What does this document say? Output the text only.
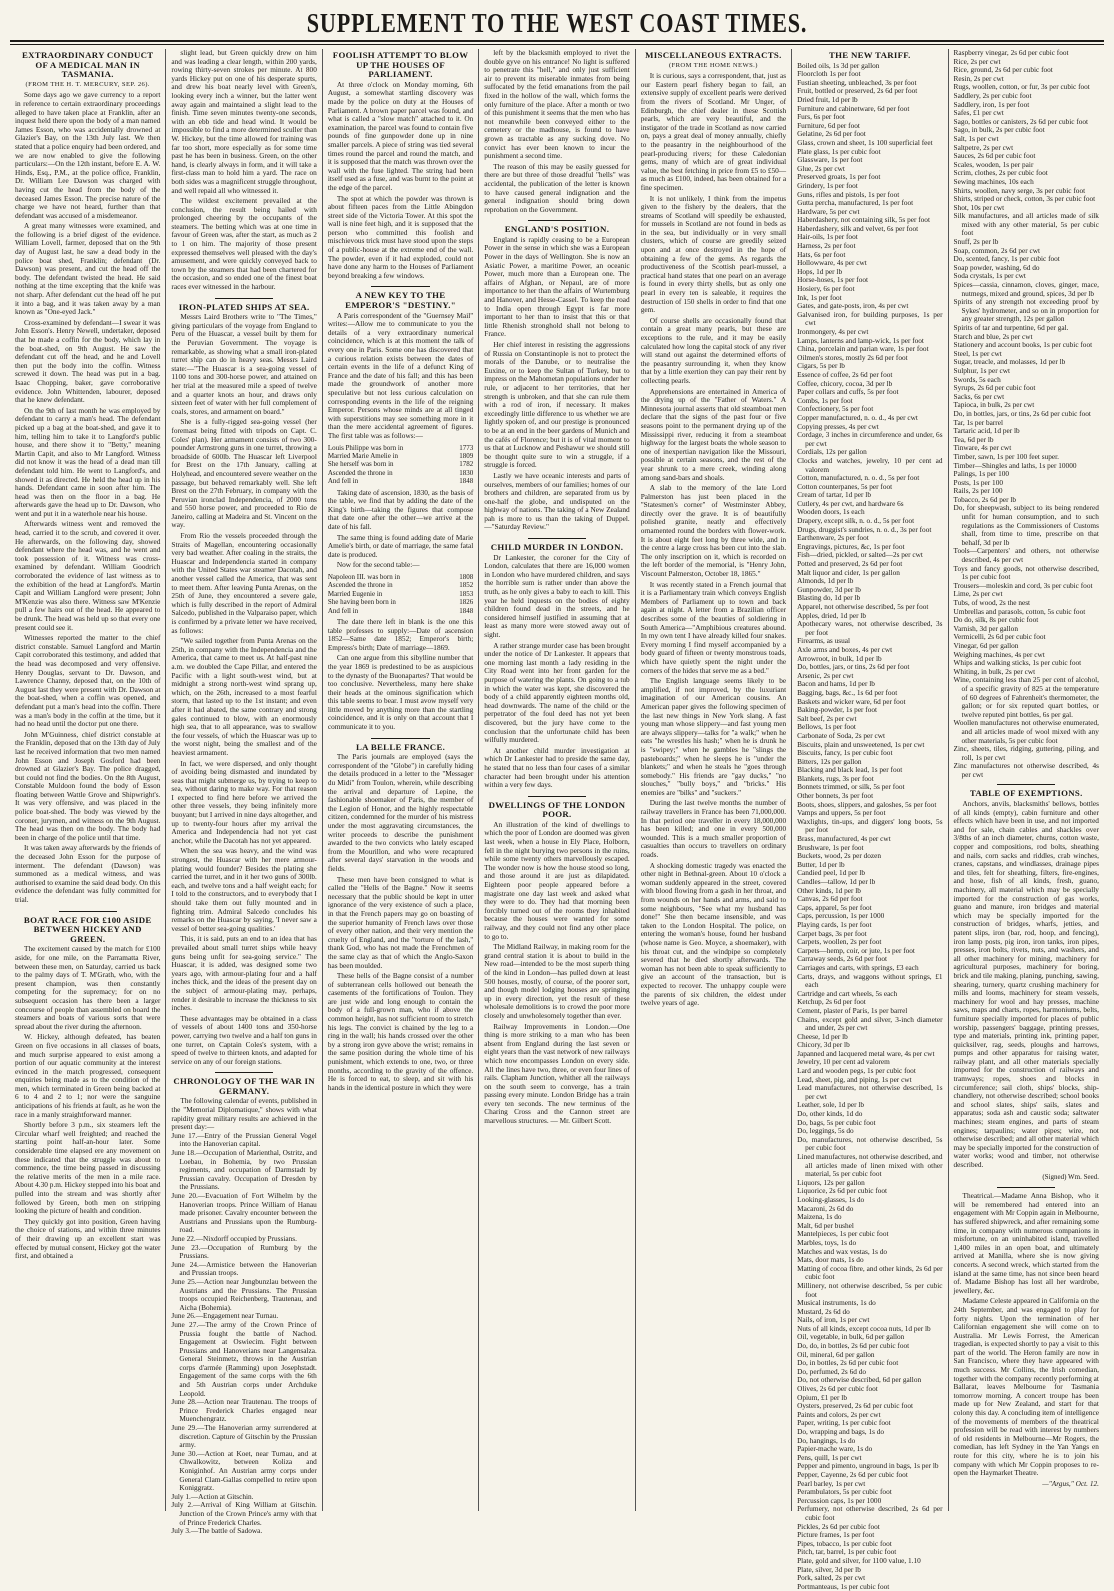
SUPPLEMENT TO THE WEST COAST TIMES.
EXTRAORDINARY CONDUCT OF A MEDICAL MAN IN TASMANIA.
(FROM THE H. T. MERCURY, SEP. 26).

Some days ago we gave currency to a report in reference to certain extraordinary proceedings alleged to have taken place at Franklin, after an inquest held there upon the body of a man named James Esson, who was accidentally drowned at Glazier's Bay, on the 13th July last. We then stated that a police enquiry had been ordered, and we are now enabled to give the following particulars:—On the 12th instant, before E. A. W. Hinds, Esq., P.M., at the police office, Franklin, Dr. William Lee Dawson was charged with having cut the head from the body of the deceased James Esson. The precise nature of the charge we have not heard, further than that defendant was accused of a misdemeanor.

A great many witnesses were examined, and the following is a brief digest of the evidence. William Lovell, farmer, deposed that on the 9th day of August last, he saw a dead body in the police boat shed, Franklin; defendant (Dr. Dawson) was present, and cut the head off the body. The defendant twisted the head. He said nothing at the time excepting that the knife was not sharp. After defendant cut the head off he put it into a bag, and it was taken away by a man known as "One-eyed Jack."

Cross-examined by defendant—I swear it was John Esson's. Henry Newell, undertaker, deposed that he made a coffin for the body, which lay in the boat-shed, on 9th August. He saw the defendant cut off the head, and he and Lovell then put the body into the coffin. Witness screwed it down. The head was put in a bag. Isaac Chopping, baker, gave corroborative evidence. John Whittenden, labourer, deposed that he knew defendant.

On the 9th of last month he was employed by defendant to carry a man's head. The defendant picked up a bag at the boat-shed, and gave it to him, telling him to take it to Langford's public house, and there show it to "Betty," meaning Martin Capit, and also to Mr Langford. Witness did not know it was the head of a dead man till defendant told him. He went to Langford's, and showed it as directed. He held the head up in his hands. Defendant came in soon after him. The head was then on the floor in a bag. He afterwards gave the head up to Dr. Dawson, who went and put it in a waterhole near his house.

Afterwards witness went and removed the head, carried it to the scrub, and covered it over. He afterwards, on the following day, showed defendant where the head was, and he went and took possession of it. Witness was cross-examined by defendant. William Goodrich corroborated the evidence of last witness as to the exhibition of the head at Langford's. Martin Capit and William Langford were present; John M'Kenzie was also there. Witness saw M'Kenzie pull a few hairs out of the head. He appeared to be drunk. The head was held up so that every one present could see it.

Witnesses reported the matter to the chief district constable. Samuel Langford and Martin Capit corroborated this testimony, and added that the head was decomposed and very offensive. Henry Douglas, servant to Dr. Dawson, and Lawrence Channy, deposed that, on the 10th of August last they were present with Dr. Dawson at the boat-shed, when a coffin was opened, and defendant put a man's head into the coffin. There was a man's body in the coffin at the time, but it had no head until the doctor put one there.

John M'Guinness, chief district constable at the Franklin, deposed that on the 13th day of July last he received information that two men named John Esson and Joseph Gosford had been drowned at Glazier's Bay. The police dragged, but could not find the bodies. On the 8th August, Constable Muldoon found the body of Esson floating between Wattle Grove and Shipwright's. It was very offensive, and was placed in the police boat-shed. The body was viewed by the coroner, jurymen, and witness on the 9th August. The head was then on the body. The body had been in charge of the police until that time.

It was taken away afterwards by the friends of the deceased John Esson for the purpose of interment. The defendant (Dawson) was summoned as a medical witness, and was authorised to examine the said dead body. On this evidence the defendant was fully committed for trial.

BOAT RACE FOR £100 ASIDE BETWEEN HICKEY AND GREEN.

The excitement caused by the match for £100 aside, for one mile, on the Parramatta River, between these men, on Saturday, carried us back to the palmy days of T. M'Grath, who, with the present champion, was then constantly competing for the supremacy; for on no subsequent occasion has there been a larger concourse of people than assembled on board the steamers and boats of various sorts that were spread about the river during the afternoon.

W. Hickey, although defeated, has beaten Green on five occasions in all classes of boats, and much surprise appeared to exist among a portion of our aquatic community at the interest evinced in the match progressed, consequent enquiries being made as to the condition of the men, which terminated in Green being backed at 6 to 4 and 2 to 1; nor were the sanguine anticipations of his friends at fault, as he won the race in a manly straightforward manner.

Shortly before 3 p.m., six steamers left the Circular wharf well freighted; and reached the starting point half-an-hour later. Some considerable time elapsed ere any movement on these indicated that the struggle was about to commence, the time being passed in discussing the relative merits of the men in a mile race. About 4.30 p.m. Hickey stepped into his boat and pulled into the stream and was shortly after followed by Green, both men on stripping looking the picture of health and condition.

They quickly got into position, Green having the choice of stations, and within three minutes of their drawing up an excellent start was effected by mutual consent, Hickey got the water first, and obtained a

slight lead, but Green quickly drew on him and was leading a clear length, within 200 yards, rowing thirty-seven strokes per minute. At 800 yards Hickey put on one of his desperate spurts, and drew his boat nearly level with Green's, looking every inch a winner, but the latter went away again and maintained a slight lead to the finish. Time seven minutes twenty-one seconds, with an ebb tide and head wind. It would be impossible to find a more determined sculler than W. Hickey, but the time allowed for training was far too short, more especially as for some time past he has been in business. Green, on the other hand, is clearly always in form, and it will take a first-class man to hold him a yard. The race on both sides was a magnificent struggle throughout, and well repaid all who witnessed it.

The wildest excitement prevailed at the conclusion, the result being hailed with prolonged cheering by the occupants of the steamers. The betting which was at one time in favour of Green was, after the start, as much as 2 to 1 on him. The majority of those present expressed themselves well pleased with the day's amusement, and were quickly conveyed back to town by the steamers that had been chartered for the occasion, and so ended one of the finest boat races ever witnessed in the harbour.

IRON-PLATED SHIPS AT SEA.

Messrs Laird Brothers write to "The Times," giving particulars of the voyage from England to Peru of the Huascar, a vessel built by them for the Peruvian Government. The voyage is remarkable, as showing what a small iron-plated turret ship can do in heavy seas. Messrs Laird state:—"The Huascar is a sea-going vessel of 1100 tons and 300-horse power, and attained on her trial at the measured mile a speed of twelve and a quarter knots an hour, and draws only sixteen feet of water with her full complement of coals, stores, and armament on board."

She is a fully-rigged sea-going vessel (her foremast being fitted with tripods on Capt. C. Coles' plan). Her armament consists of two 300-pounder Armstrong guns in one turret, throwing a broadside of 600lb. The Huascar left Liverpool for Brest on the 17th January, calling at Holyhead, and encountered severe weather on the passage, but behaved remarkably well. She left Brest on the 27th February, in company with the Peruvian ironclad Independencia, of 2000 tons and 550 horse power, and proceeded to Rio de Janeiro, calling at Madeira and St. Vincent on the way.

From Rio the vessels proceeded through the Straits of Magellan, encountering occasionally very bad weather. After coaling in the straits, the Huascar and Independencia started in company with the United States war steamer Dacotah, and another vessel called the America, that was sent to meet them. After leaving Punta Arenas, on the 25th of June, they encountered a severe gale, which is fully described in the report of Admiral Salcedo, published in the Valparaiso paper, which is confirmed by a private letter we have received, as follows:

"We sailed together from Punta Arenas on the 25th, in company with the Independencia and the America, that came to meet us. At half-past nine a.m. we doubled the Cape Pillar, and entered the Pacific with a light south-west wind, but at midnight a strong north-west wind sprang up, which, on the 26th, increased to a most fearful storm, that lasted up to the 1st instant; and even after it had abated, the same contrary and strong gales continued to blow, with an enormously high sea, that to all appearance, was to swallow the four vessels, of which the Huascar was up to the worst night, being the smallest and of the heaviest armament.

In fact, we were dispersed, and only thought of avoiding being dismasted and inundated by seas that might submerge us, by trying to keep to sea, without daring to make way. For that reason I expected to find here before we arrived the other three vessels, they being infinitely more buoyant; but I arrived in nine days altogether, and up to twenty-four hours after my arrival the America and Independencia had not yet cast anchor, while the Dacotah has not yet appeared.

When the sea was heavy, and the wind was strongest, the Huascar with her mere armour-plating would founder? Besides the plating she carried the turret, and in it her two guns of 300lb. each, and twelve tons and a half weight each; for I told to the constructors, and to everybody that I should take them out fully mounted and in fighting trim. Admiral Salcedo concludes his remarks on the Huascar by saying, 'I never saw a vessel of better sea-going qualities.'

This, it is said, puts an end to an idea that has prevailed about small turret ships while heavy guns being unfit for sea-going service." The Huascar, it is added, was designed some two years ago, with armour-plating four and a half inches thick, and the ideas of the present day on the subject of armour-plating may, perhaps, render it desirable to increase the thickness to six inches.

These advantages may be obtained in a class of vessels of about 1400 tons and 350-horse power, carrying two twelve and a half ton guns in one turret, on Captain Coles's system, with a speed of twelve to thirteen knots, and adapted for service on any of our foreign stations.

CHRONOLOGY OF THE WAR IN GERMANY.

The following calendar of events, published in the "Memorial Diplomatique," shows with what rapidity great military results are achieved in the present day:—

June 17.—Entry of the Prussian General Vogel into the Hanoverian capital.

June 18.—Occupation of Marienthal, Ostritz, and Loebau, in Bohemia, by two Prussian regiments, and occupation of Darmstadt by Prussian cavalry. Occupation of Dresden by the Prussians.

June 20.—Evacuation of Fort Wilhelm by the Hanoverian troops. Prince William of Hanau made prisoner. Cavalry encounter between the Austrians and Prussians upon the Rumburg-road.

June 22.—Nixdorff occupied by Prussians.

June 23.—Occupation of Rumburg by the Prussians.

June 24.—Armistice between the Hanoverian and Prussian troops.

June 25.—Action near Jungbunzlau between the Austrians and the Prussians. The Prussian troops occupied Reichenberg, Trautenau, and Aicha (Bohemia).

June 26.—Engagement near Turnau.

June 27.—The army of the Crown Prince of Prussia fought the battle of Nachod. Engagement at Oswiecim. Fight between Prussians and Hanoverians near Langensalza. General Steinmetz, throws in the Austrian corps d'armée (Ramming) upon Josephstadt. Engagement of the same corps with the 6th and 5th Austrian corps under Archduke Leopold.

June 28.—Action near Trautenau. The troops of Prince Frederick Charles engaged near Muenchengratz.

June 29.—The Hanoverian army surrendered at discretion. Capture of Gitschin by the Prussian army.

June 30.—Action at Koet, near Turnau, and at Chwalkowitz, between Koliza and Koniginhof. An Austrian army corps under General Clam-Gallas compelled to retire upon Koniggratz.

July 1.—Action at Gitschin.

July 2.—Arrival of King William at Gitschin. Junction of the Crown Prince's army with that of Prince Frederick Charles.

July 3.—The battle of Sadowa.

FOOLISH ATTEMPT TO BLOW UP THE HOUSES OF PARLIAMENT.

At three o'clock on Monday morning, 6th August, a somewhat startling discovery was made by the police on duty at the Houses of Parliament. A brown paper parcel was found, and what is called a "slow match" attached to it. On examination, the parcel was found to contain five pounds of fine gunpowder done up in nine smaller parcels. A piece of string was tied several times round the parcel and round the match, and it is supposed that the match was thrown over the wall with the fuse lighted. The string had been itself used as a fuse, and was burnt to the point at the edge of the parcel.

The spot at which the powder was thrown is about fifteen paces from the Little Abingdon street side of the Victoria Tower. At this spot the wall is nine feet high, and it is supposed that the person who committed this foolish and mischievous trick must have stood upon the steps of a public-house at the extreme end of the wall. The powder, even if it had exploded, could not have done any harm to the Houses of Parliament beyond breaking a few windows.

A NEW KEY TO THE EMPEROR'S "DESTINY."

A Paris correspondent of the "Guernsey Mail" writes:—Allow me to communicate to you the details of a very extraordinary numerical coincidence, which is at this moment the talk of every one in Paris. Some one has discovered that a curious relation exists between the dates of certain events in the life of a defunct King of France and the date of his fall; and this has been made the groundwork of another more speculative but not less curious calculation on corresponding events in the life of the reigning Emperor. Persons whose minds are at all tinged with superstitions may see something more in it than the mere accidental agreement of figures. The first table was as follows:—

Louis Philippe was born in	1773
Married Marie Amelie in	1809
She herself was born in	1782
Ascended the throne in	1830
And fell in	1848

Taking date of ascension, 1830, as the basis of the table, we find that by adding the date of the King's birth—taking the figures that compose that date one after the other—we arrive at the date of his fall.

The same thing is found adding date of Marie Amelie's birth, or date of marriage, the same fatal date is produced.

Now for the second table:—

Napoleon III. was born in	1808
Ascended the throne in	1852
Married Eugenie in	1853
She having been born in	1826
And fell in	1848

The date there left in blank is the one this table professes to supply:—Date of ascension 1852—Same date 1852; Emperor's birth; Empress's birth; Date of marriage—1869.

Can one argue from this sibylline number that the year 1869 is predestined to be as auspicious to the dynasty of the Buonapartes? That would be too conclusive. Nevertheless, many here shake their heads at the ominous signification which this table seems to bear. I must avow myself very little moved by anything more than the startling coincidence, and it is only on that account that I communicate it to you.

LA BELLE FRANCE.

The Paris journals are employed (says the correspondent of the "Globe") in carefully hiding the details produced in a letter to the "Messager du Midi" from Toulon, wherein, while describing the arrival and departure of Lepine, the fashionable shoemaker of Paris, the member of the Legion of Honor, and the highly respectable citizen, condemned for the murder of his mistress under the most aggravating circumstances, the writer proceeds to describe the punishment awarded to the two convicts who lately escaped from the Mourillon, and who were recaptured after several days' starvation in the woods and fields.

These men have been consigned to what is called the "Hells of the Bagne." Now it seems necessary that the public should be kept in utter ignorance of the very existence of such a place, in that the French papers may go on boasting of the superior humanity of French laws over those of every other nation, and their very mention the cruelty of England, and the "torture of the lash," thank God, who has not made the Frenchmen of the same clay as that of which the Anglo-Saxon has been moulded.

These hells of the Bagne consist of a number of subterranean cells hollowed out beneath the casements of the fortifications of Toulon. They are just wide and long enough to contain the body of a full-grown man, who if above the common height, has not sufficient room to stretch his legs. The convict is chained by the leg to a ring in the wall; his hands crossed over the other by a strong iron gyve above the wrist; remains in the same position during the whole time of his punishment, which extends to one, two, or three months, according to the gravity of the offence. He is forced to eat, to sleep, and sit with his hands in the identical posture in which they were

left by the blacksmith employed to rivet the double gyve on his entrance! No light is suffered to penetrate this "hell," and only just sufficient air to prevent its miserable inmates from being suffocated by the fetid emanations from the pail fixed in the hollow of the wall, which forms the only furniture of the place. After a month or two of this punishment it seems that the men who has not meanwhile been conveyed either to the cemetery or the madhouse, is found to have grown as tractable as any sucking dove. No convict has ever been known to incur the punishment a second time.

The reason of this may be easily guessed for there are but three of those dreadful "hells" was accidental, the publication of the letter is known to have caused general indignation and the general indignation should bring down reprobation on the Government.

ENGLAND'S POSITION.

England is rapidly ceasing to be a European Power in the sense in which she was a European Power in the days of Wellington. She is now an Asiatic Power, a maritime Power, an oceanic Power, much more than a European one. The affairs of Afghan, or Nepaul, are of more importance to her than the affairs of Wurtemburg and Hanover, and Hesse-Cassel. To keep the road to India open through Egypt is far more important to her than to insist that this or that little Rhenish stronghold shall not belong to France.

Her chief interest in resisting the aggressions of Russia on Constantinople is not to protect the morals of the Danube, or to neutralise the Euxine, or to keep the Sultan of Turkey, but to impress on the Mahometan populations under her rule, or adjacent to her territories, that her strength is unbroken, and that she can rule them with a rod of iron, if necessary. It makes exceedingly little difference to us whether we are lightly spoken of, and our prestige is pronounced to be at an end in the beer gardens of Munich and the cafés of Florence; but it is of vital moment to us that at Lucknow and Peshawur we should still be thought quite sure to win a struggle, if a struggle is forced.

Lastly we have oceanic interests and parts of ourselves, members of our families; homes of our brothers and children, are separated from us by one-half the globe, and undisputed on the highway of nations. The taking of a New Zealand pah is more to us than the taking of Duppel.—"Saturday Review."

CHILD MURDER IN LONDON.

Dr Lankester, the coroner for the City of London, calculates that there are 16,000 women in London who have murdered children, and says the horrible sum is rather under than above the truth, as he only gives a baby to each to kill. This year he held inquests on the bodies of eighty children found dead in the streets, and he considered himself justified in assuming that at least as many more were stowed away out of sight.

A rather strange murder case has been brought under the notice of Dr Lankester. It appears that one morning last month a lady residing in the City Road went into her front garden for the purpose of watering the plants. On going to a tub in which the water was kept, she discovered the body of a child apparently eighteen months old, head downwards. The name of the child or the perpetrator of the foul deed has not yet been discovered, but the jury have come to the conclusion that the unfortunate child has been wilfully murdered.

At another child murder investigation at which Dr Lankester had to preside the same day, he stated that no less than four cases of a similar character had been brought under his attention within a very few days.

DWELLINGS OF THE LONDON POOR.

An illustration of the kind of dwellings to which the poor of London are doomed was given last week, when a house in Ely Place, Holborn, fell in the night burying two persons in the ruins, while some twenty others marvellously escaped. The wonder now is how the house stood so long, and those around it are just as dilapidated. Eighteen poor people appeared before a magistrate one day last week and asked what they were to do. They had that morning been forcibly turned out of the rooms they inhabited because the houses were wanted for some railway, and they could not find any other place to go to.

The Midland Railway, in making room for the grand central station it is about to build in the New road—intended to be the most superb thing of the kind in London—has pulled down at least 500 houses, mostly, of course, of the poorer sort, and though model lodging houses are springing up in every direction, yet the result of these wholesale demolitions is to crowd the poor more closely and unwholesomely together than ever.

Railway Improvements in London.—One thing is more striking to a man who has been absent from England during the last seven or eight years than the vast network of new railways which now encompasses London on every side. All the lines have two, three, or even four lines of rails. Clapham Junction, whither all the railways on the south seem to converge, has a train passing every minute. London Bridge has a train every ten seconds. The new terminus of the Charing Cross and the Cannon street are marvellous structures. — Mr. Gilbert Scott.

MISCELLANEOUS EXTRACTS.
(FROM THE HOME NEWS.)

It is curious, says a correspondent, that, just as our Eastern pearl fishery began to fail, an extensive supply of excellent pearls were derived from the rivers of Scotland. Mr Unger, of Edinburgh, the chief dealer in these Scottish pearls, which are very beautiful, and the instigator of the trade in Scotland as now carried on, pays a great deal of money annually, chiefly to the peasantry in the neighbourhood of the pearl-producing rivers; for these Caledonian gems, many of which are of great individual value, the best fetching in price from £5 to £50—as much as £100, indeed, has been obtained for a fine specimen.

It is not unlikely, I think from the impetus given to the fishery by the dealers, that the streams of Scotland will speedily be exhausted, for mussels in Scotland are not found in beds as in the sea, but individually or in very small clusters, which of course are greedily seized upon and at once destroyed in the hope of obtaining a few of the gems. As regards the productiveness of the Scottish pearl-mussel, a practical hand states that one pearl on an average is found in every thirty shells, but as only one pearl in every ten is saleable, it requires the destruction of 150 shells in order to find that one gem.

Of course shells are occasionally found that contain a great many pearls, but these are exceptions to the rule, and it may be easily calculated how long the capital stock of any river will stand out against the determined efforts of the peasantry surrounding it, when they know that by a little exertion they can pay their rent by collecting pearls.

Apprehensions are entertained in America of the drying up of the "Father of Waters." A Minnesota journal asserts that old steamboat men declare that the signs of the past four or five seasons point to the permanent drying up of the Mississippi river, reducing it from a steamboat highway for the largest boats the whole season to one of inexpertian navigation like the Missouri, possible at certain seasons, and the rest of the year shrunk to a mere creek, winding along among sand-bars and shoals.

A slab to the memory of the late Lord Palmerston has just been placed in the "Statesmen's corner" of Westminster Abbey, directly over the grave. It is of beautifully polished granite, neatly and effectively ornamented round the borders with flower-work. It is about eight feet long by three wide, and in the centre a large cross has been cut into the slab. The only inscription on it, which is recorded on the left border of the memorial, is "Henry John, Viscount Palmerston, October 18, 1865."

It was recently stated in a French journal that it is a Parliamentary train which conveys English Members of Parliament up to town and back again at night. A letter from a Brazilian officer describes some of the beauties of soldiering in South America—"Amphibious creatures abound. In my own tent I have already killed four snakes. Every morning I find myself accompanied by a body guard of fifteen or twenty monstrous toads, which have quietly spent the night under the corners of the hides that serve me as a bed."

The English language seems likely to be amplified, if not improved, by the luxuriant imagination of our American cousins. An American paper gives the following specimen of the last new things in New York slang. A fast young man whose slippery—and fast young men are always slippery—talks for "a walk;" when he eats "he wrestles his hash;" when he is drunk he is "swipey;" when he gambles he "slings the pasteboards;" when he sleeps he is "under the blankets;" and when he steals he "goes through somebody." His friends are "gay ducks," "no slouches," "bully boys," and "bricks." His enemies are "bilks" and "suckers."

During the last twelve months the number of railway travellers in France has been 71,000,000. In that period one traveller in every 18,000,000 has been killed; and one in every 500,000 wounded. This is a much smaller proportion of casualties than occurs to travellers on ordinary roads.

A shocking domestic tragedy was enacted the other night in Bethnal-green. About 10 o'clock a woman suddenly appeared in the street, covered with blood flowing from a gash in her throat, and from wounds on her hands and arms, and said to some neighbours, "See what my husband has done!" She then became insensible, and was taken to the London Hospital. The police, on entering the woman's house, found her husband (whose name is Geo. Moyce, a shoemaker), with his throat cut, and the windpipe so completely severed that he died shortly afterwards. The woman has not been able to speak sufficiently to give an account of the transaction, but is expected to recover. The unhappy couple were the parents of six children, the eldest under twelve years of age.

THE NEW TARIFF.

Boiled oils, 1s 3d per gallon

Floorcloth 1s per foot

Fustian sheeting, unbleached, 3s per foot

Fruit, bottled or preserved, 2s 6d per foot

Dried fruit, 1d per lb

Furniture and cabinetware, 6d per foot

Furs, 6s per foot

Furniture, 6d per foot

Gelatine, 2s 6d per foot

Glass, crown and sheet, 1s 100 superficial feet

Plate glass, 1s per cubic foot

Glassware, 1s per foot

Glue, 2s per cwt

Preserved groats, 1s per foot

Grindery, 1s per foot

Guns, rifles and pistols, 1s per foot

Gutta percha, manufactured, 1s per foot

Hardware, 5s per cwt

Haberdashery, not containing silk, 5s per foot

Haberdashery, silk and velvet, 6s per foot

Hair-oils, 1s per foot

Harness, 2s per foot

Hats, 6s per foot

Hollowware, 4s per cwt

Hops, 1d per lb

Horse-hoses, 1s per foot

Hosiery, 6s per foot

Ink, 1s per foot

Gates, and gate-posts, iron, 4s per cwt

Galvanised iron, for building purposes, 1s per cwt

Ironmongery, 4s per cwt

Lamps, lanterns and lamp-wick, 1s per foot

China, porcelain and parian ware, 1s per foot

Oilmen's stores, mostly 2s 6d per foot

Cigars, 5s per lb

Essence of coffee, 2s 6d per foot

Coffee, chicory, cocoa, 3d per lb

Paper collars and cuffs, 5s per foot

Combs, 1s per foot

Confectionery, 5s per foot

Copper manufactured, n. o. d., 4s per cwt

Copying presses, 4s per cwt

Cordage, 3 inches in circumference and under, 6s per cwt

Cordials, 12s per gallon

Clocks and watches, jewelry, 10 per cent ad valorem

Cotton, manufactured, n. o. d., 5s per foot

Cotton counterpanes, 5s per foot

Cream of tartar, 1d per lb

Cutlery, 4s per cwt, and hardware 6s

Wooden doors, 1s each

Drapery, except silk, n. o. d., 5s per foot

Drugs, druggist's sundries, n. o. d., 3s per foot

Earthenware, 2s per foot

Engravings, pictures, &c, 1s per foot

Fish—dried, pickled, or salted—2s per cwt

Potted and preserved, 2s 6d per foot

Malt liquor and cider, 1s per gallon

Almonds, 1d per lb

Gunpowder, 3d per lb

Blasting do, 1d per lb

Apparel, not otherwise described, 5s per foot

Apples, dried, 1d per lb

Apothecary wares, not otherwise described, 3s per foot

Firearms, as usual

Axle arms and boxes, 4s per cwt

Arrowroot, in bulk, 1d per lb

Do, bottles, jars, or tins, 2s 6d per foot

Arsenic, 2s per cwt

Bacon and hams, 1d per lb

Bagging, bags, &c., 1s 6d per foot

Baskets and wicker ware, 6d per foot

Baking-powder, 1s per foot

Salt beef, 2s per cwt

Bellows, 1s per foot

Carbonate of Soda, 2s per cwt

Biscuits, plain and unsweetened, 1s per cwt

Biscuits, fancy, 1s per cubic foot

Bitters, 12s per gallon

Blacking and black lead, 1s per foot

Blankets, rugs, 3s per foot

Bonnets trimmed, or silk, 5s per foot

Other bonnets, 3s per foot

Boots, shoes, slippers, and galoshes, 5s per foot

Vamps and uppers, 5s per foot

Waxlights, tin-ups, and diggers' long boots, 5s per foot

Brass, manufactured, 4s per cwt

Brushware, 1s per foot

Buckets, wood, 2s per dozen

Butter, 1d per lb

Candied peel, 1d per lb

Candles—tallow, 1d per lb

Other kinds, 1d per lb

Canvas, 2s 6d per foot

Caps, apparel, 5s per foot

Caps, percussion, 1s per 1000

Playing cards, 1s per foot

Carpet bags, 3s per foot

Carpets, woollen, 2s per foot

Carpets—hemp, coir, or jute, 1s per foot

Carraway seeds, 2s 6d per foot

Carriages and carts, with springs, £3 each

Carts, drays, and waggons without springs, £1 each

Cartridge and cart wheels, 5s each

Ketchup, 2s 6d per foot

Cement, plaster of Paris, 1s per barrel

Chains, except gold and silver, 3-inch diameter and under, 2s per cwt

Cheese, 1d per lb

Chicory, 3d per lb

Japanned and lacquered metal ware, 4s per cwt

Jewelry, 10 per cent ad valorem

Lard and wooden pegs, 1s per cubic foot

Lead, sheet, pig, and piping, 1s per cwt

Lead manufactures, not otherwise described, 1s per cwt

Leather, sole, 1d per lb

Do, other kinds, 1d do

Do, bags, 5s per cubic foot

Do, leggings, 5s do

Do, manufactures, not otherwise described, 5s per cubic foot

Lined manufactures, not otherwise described, and all articles made of linen mixed with other material, 5s per cubic foot

Liquors, 12s per gallon

Liquorice, 2s 6d per cubic foot

Looking-glasses, 1s do

Macaroni, 2s 6d do

Maizena, 1s do

Malt, 6d per bushel

Mantelpieces, 1s per cubic foot

Marbles, toys, 1s do

Matches and wax vestas, 1s do

Mats, door mats, 1s do

Matting of cocoa fibre, and other kinds, 2s 6d per cubic foot

Millinery, not otherwise described, 5s per cubic foot

Musical instruments, 1s do

Mustard, 2s 6d do

Nails, of iron, 1s per cwt

Nuts of all kinds, except cocoa nuts, 1d per lb

Oil, vegetable, in bulk, 6d per gallon

Do, do, in bottles, 2s 6d per cubic foot

Oil, mineral, 6d per gallon

Do, in bottles, 2s 6d per cubic foot

Do, perfumed, 2s 6d do

Do, not otherwise described, 6d per gallon

Olives, 2s 6d per cubic foot

Opium, £1 per lb

Oysters, preserved, 2s 6d per cubic foot

Paints and colors, 2s per cwt

Paper, writing, 1s per cubic foot

Do, wrapping and bags, 1s do

Do, hangings, 1s do

Papier-mache ware, 1s do

Pens, quill, 1s per cwt

Pepper and pimento, unground in bags, 1s per lb

Pepper, Cayenne, 2s 6d per cubic foot

Pearl barley, 1s per cwt

Perambulators, 5s per cubic foot

Percussion caps, 1s per 1000

Perfumery, not otherwise described, 2s 6d per cubic foot

Pickles, 2s 6d per cubic foot

Picture frames, 1s per foot

Pipes, tobacco, 1s per cubic foot

Pitch, tar, barrel, 1s per cubic foot

Plate, gold and silver, for 1100 value, 1.10

Plate, silver, 3d per lb

Pork, salted, 2s per cwt

Portmanteaus, 1s per cubic foot

Raspberry vinegar, 2s 6d per cubic foot

Rice, 2s per cwt

Rice, ground, 2s 6d per cubic foot

Resin, 2s per cwt

Rugs, woollen, cotton, or fur, 3s per cubic foot

Saddlery, 2s per cubic foot

Saddlery, iron, 1s per foot

Safes, £1 per cwt

Sago, bottles or canisters, 2s 6d per cubic foot

Sago, in bulk, 2s per cubic foot

Salt, 1s per cwt

Saltpetre, 2s per cwt

Sauces, 2s 6d per cubic foot

Scales, wooden, 1s per pair

Scrim, clothes, 2s per cubic foot

Sewing machines, 10s each

Shirts, woollen, navy serge, 3s per cubic foot

Shirts, striped or check, cotton, 3s per cubic foot

Shot, 10s per cwt

Silk manufactures, and all articles made of silk mixed with any other material, 5s per cubic foot

Snuff, 2s per lb

Soap, common, 2s 6d per cwt

Do, scented, fancy, 1s per cubic foot

Soap powder, washing, 6d do

Soda crystals, 1s per cwt

Spices—cassia, cinnamon, cloves, ginger, mace, nutmegs, mixed and ground, spices, 3d per lb

Spirits of any strength not exceeding proof by Sykes' hydrometer, and so on in proportion for any greater strength, 12s per gallon

Spirits of tar and turpentine, 6d per gal.

Starch and blue, 2s per cwt

Stationery and account books, 1s per cubic foot

Steel, 1s per cwt

Sugar, treacle, and molasses, 1d per lb

Sulphur, 1s per cwt

Swords, 5s each

Syrups, 2s 6d per cubic foot

Sacks, 6s per cwt

Tapioca, in bulk, 2s per cwt

Do, in bottles, jars, or tins, 2s 6d per cubic foot

Tar, 1s per barrel

Tartaric acid, 1d per lb

Tea, 6d per lb

Tinware, 4s per cwt

Timber, sawn, 1s per 100 feet super.

Timber—Shingles and laths, 1s per 10000

Palings, 1s per 100

Posts, 1s per 100

Rails, 2s per 100

Tobacco, 2s 6d per lb

Do, for sheepwash, subject to its being rendered unfit for human consumption, and to such regulations as the Commissioners of Customs shall, from time to time, prescribe on that behalf, 3d per lb

Tools—Carpenters' and others, not otherwise described, 4s per cwt

Toys and fancy goods, not otherwise described, 1s per cubic foot

Trousers—moleskin and cord, 3s per cubic foot

Lime, 2s per cwt

Tubs, of wood, 2s the nest

Umbrellas and parasols, cotton, 5s cubic foot

Do do, silk, 8s per cubic foot

Varnish, 3d per gallon

Vermicelli, 2s 6d per cubic foot

Vinegar, 6d per gallon

Weighing machines, 4s per cwt

Whips and walking sticks, 1s per cubic foot

Whiting, in bulk, 2s per cwt

Wine, containing less than 25 per cent of alcohol, of a specific gravity of 825 at the temperature of 60 degrees of Fahrenheit's thermometer, the gallon; or for six reputed quart bottles, or twelve reputed pint bottles, 6s per gal.

Woollen manufactures not otherwise enumerated, and all articles made of wool mixed with any other materials, 5s per cubic foot

Zinc, sheets, tiles, ridging, guttering, piling, and roll, 1s per cwt

Zinc manufactures not otherwise described, 4s per cwt

TABLE OF EXEMPTIONS.

Anchors, anvils, blacksmiths' bellows, bottles of all kinds (empty), cabin furniture and other effects which have been in use, and not imported and for sale, chain cables and shackles over 3/8ths of an inch diameter, churns, cotton waste, copper and compositions, rod bolts, sheathing and nails, corn sacks and riddles, crab winches, cranes, capstans, and windlasses, drainage pipes and tiles, felt for sheathing, filters, fire-engines, and hose, fish of all kinds, fresh, guano, machinery, all material which may be specially imported for the construction of gas works, guano and manure, iron bridges and material which may be specially imported for the construction of bridges, wharfs, jetties, and patent slips, iron (bar, rod, hoop, and fencing), iron lamp posts, pig iron, iron tanks, iron pipes, presses, iron bolts, rivets, nuts, and washers, and all other machinery for mining, machinery for agricultural purposes, machinery for boring, brick and tile making, planing, punching, sawing, shearing, turnery, quartz crushing machinery for mills and looms, machinery for steam vessels, machinery for wool and hay presses, machine saws, maps and charts, ropes, harmoniums, belts, furniture specially imported for places of public worship, passengers' baggage, printing presses, type and materials, printing ink, printing paper, quicksilver, rag, seeds, ploughs and harrows, pumps and other apparatus for raising water, railway plant, and all other materials specially imported for the construction of railways and tramways; ropes, shoes and blocks in circumference; sail cloth, ships' blocks, ship-chandlery, not otherwise described; school books and school slates, ships' sails, slates and apparatus; soda ash and caustic soda; saltwater machines; steam engines, and parts of steam engines; tarpaulins; water pipes; wire, not otherwise described; and all other material which may be specially imported for the construction of water works; wood and timber, not otherwise described.

(Signed) Wm. Seed.

Theatrical.—Madame Anna Bishop, who it will be remembered had entered into an engagement with Mr Coppin again in Melbourne, has suffered shipwreck, and after remaining some time, in company with numerous companions in misfortune, on an uninhabited island, travelled 1,400 miles in an open boat, and ultimately arrived at Manilla, where she is now giving concerts. A second wreck, which started from the island at the same time, has not since been heard of. Madame Bishop has lost all her wardrobe, jewellery, &c.

Madame Celeste appeared in California on the 24th September, and was engaged to play for forty nights. Upon the termination of her Californian engagement she will come on to Australia. Mr Lewis Forrest, the American tragedian, is expected shortly to pay a visit to this part of the world. The Heron family are now in San Francisco, where they have appeared with much success. Mr Collins, the Irish comedian, together with the company recently performing at Ballarat, leaves Melbourne for Tasmania tomorrow morning. A concert troupe has been made up for New Zealand, and start for that colony this day. A concluding item of intelligence of the movements of members of the theatrical profession will be read with interest by numbers of old residents in Melbourne—Mr Rogers, the comedian, has left Sydney in the Yan Yangs en route for this city, where he is to join his company with which Mr Coppin proposes to re-open the Haymarket Theatre.

—"Argus," Oct. 12.
